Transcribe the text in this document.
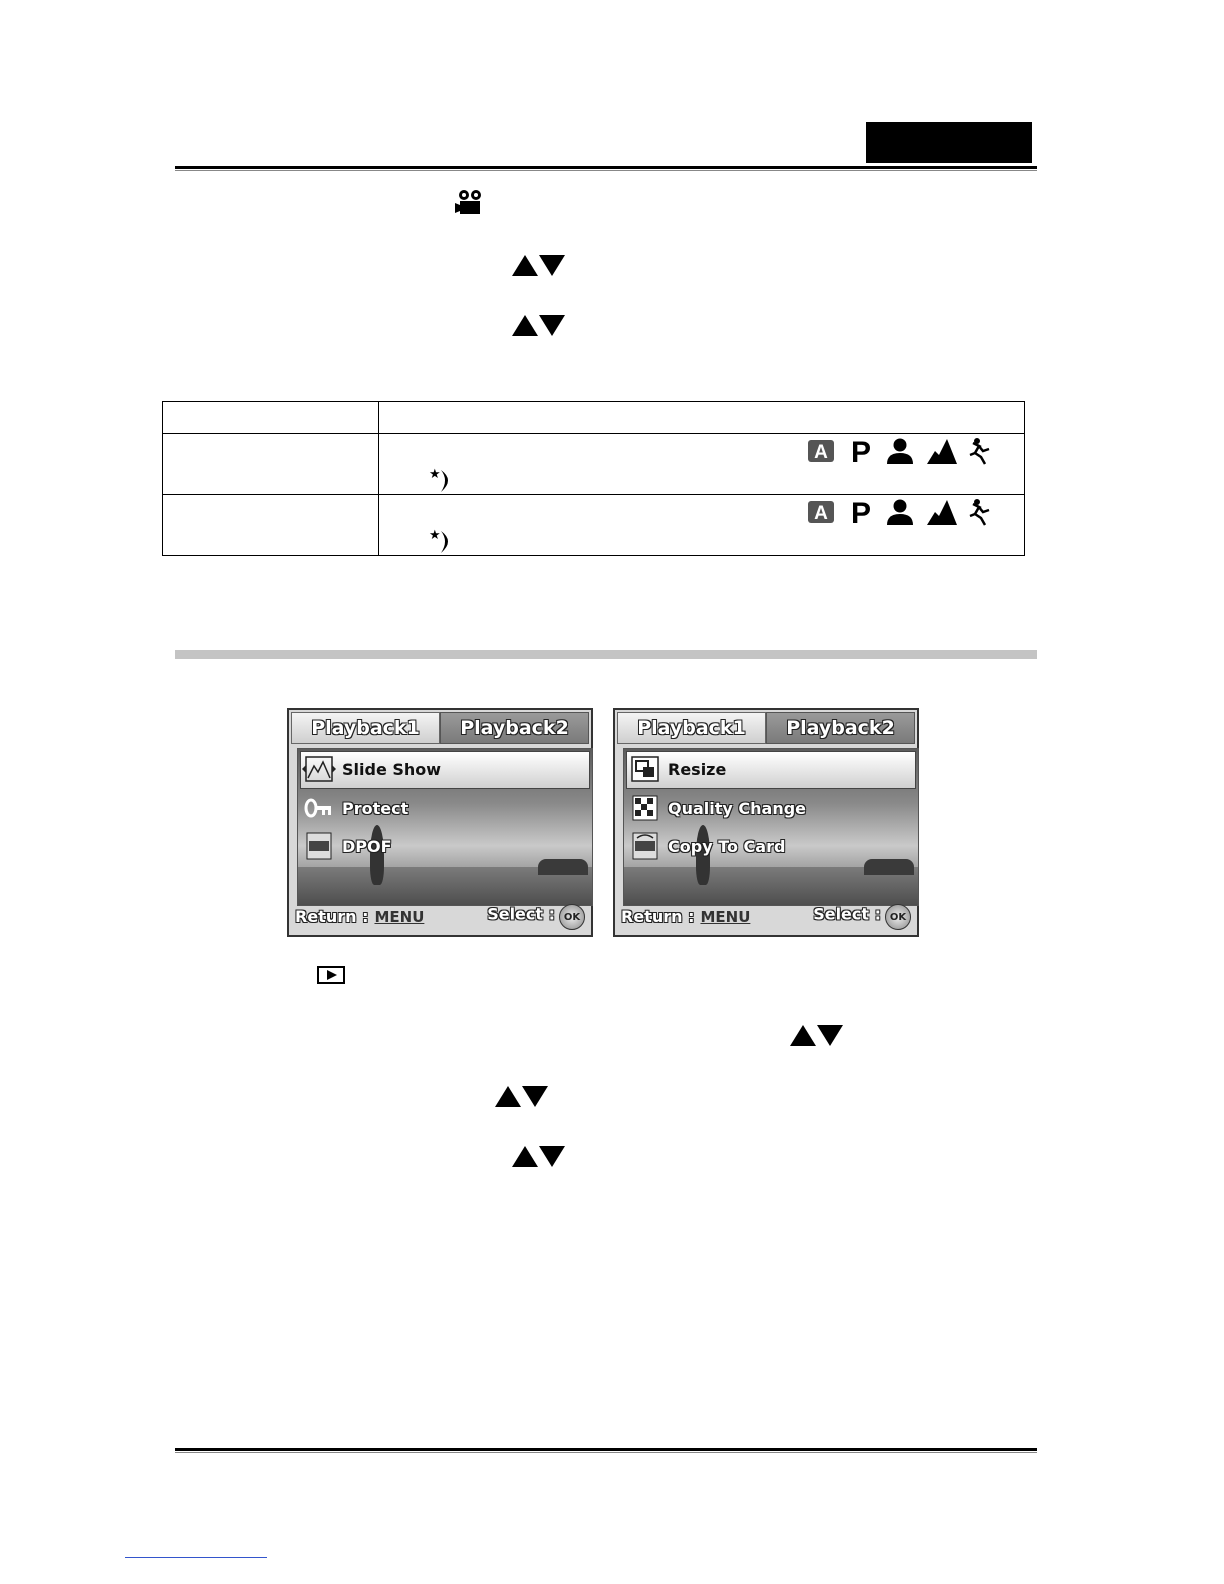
A P
★

A P
★
Playback1	Playback2
Slide Show
Protect
DPOF
Return : MENU	Select : OK
Playback1	Playback2
Resize
Quality Change
Copy To Card
Return : MENU	Select : OK
